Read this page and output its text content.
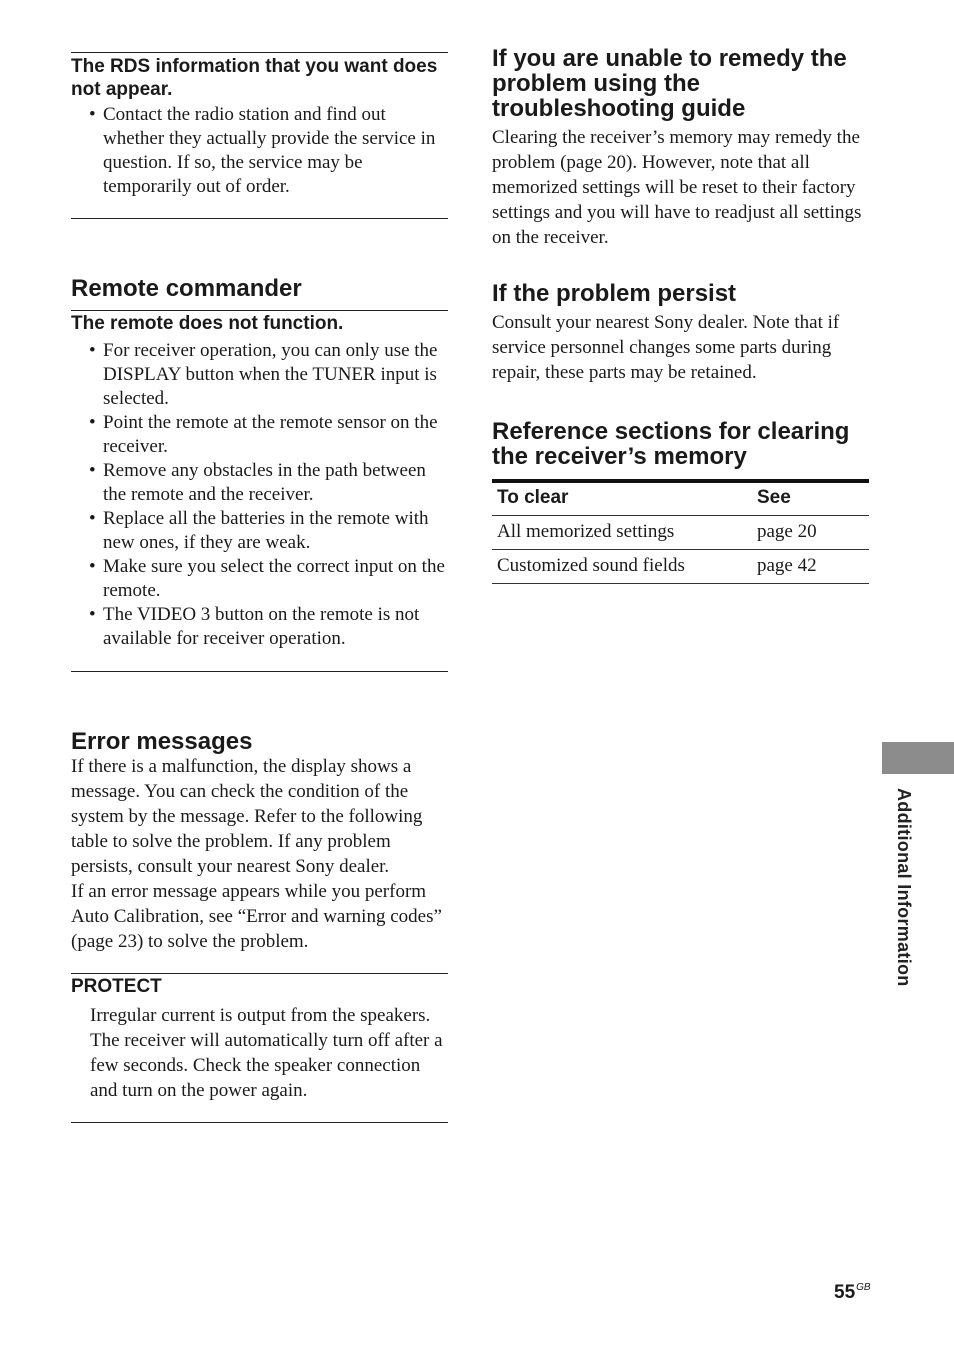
The RDS information that you want does not appear.
• Contact the radio station and find out whether they actually provide the service in question. If so, the service may be temporarily out of order.
Remote commander
The remote does not function.
• For receiver operation, you can only use the DISPLAY button when the TUNER input is selected.
• Point the remote at the remote sensor on the receiver.
• Remove any obstacles in the path between the remote and the receiver.
• Replace all the batteries in the remote with new ones, if they are weak.
• Make sure you select the correct input on the remote.
• The VIDEO 3 button on the remote is not available for receiver operation.
Error messages
If there is a malfunction, the display shows a message. You can check the condition of the system by the message. Refer to the following table to solve the problem. If any problem persists, consult your nearest Sony dealer.
If an error message appears while you perform Auto Calibration, see “Error and warning codes” (page 23) to solve the problem.
PROTECT
Irregular current is output from the speakers. The receiver will automatically turn off after a few seconds. Check the speaker connection and turn on the power again.
If you are unable to remedy the problem using the troubleshooting guide
Clearing the receiver’s memory may remedy the problem (page 20). However, note that all memorized settings will be reset to their factory settings and you will have to readjust all settings on the receiver.
If the problem persist
Consult your nearest Sony dealer. Note that if service personnel changes some parts during repair, these parts may be retained.
Reference sections for clearing the receiver’s memory
To clear	See
All memorized settings	page 20
Customized sound fields	page 42
Additional Information
$55^{GB}$
